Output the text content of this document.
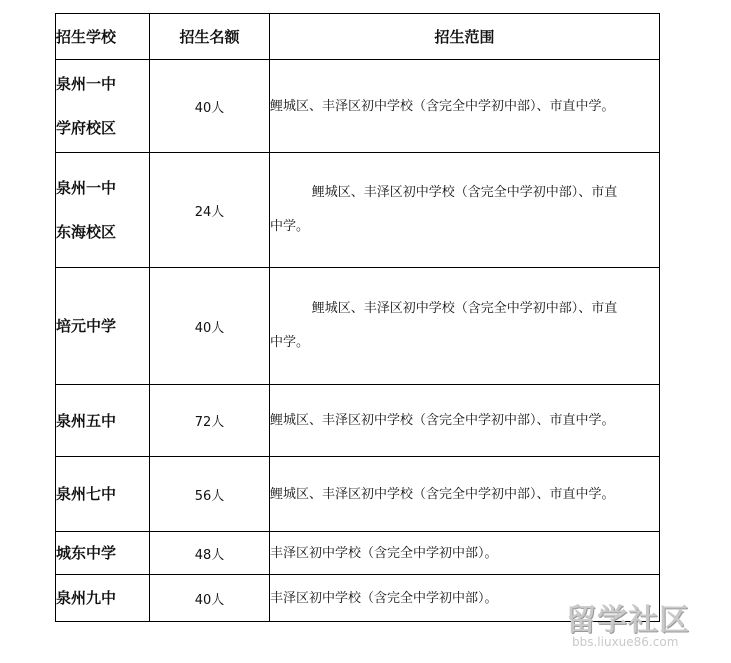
招生学校	招生名额	招生范围

泉州一中
学府校区	40人	鲤城区、丰泽区初中学校（含完全中学初中部）、市直中学。

泉州一中
东海校区	24人	鲤城区、丰泽区初中学校（含完全中学初中部）、市直
中学。

培元中学	40人	鲤城区、丰泽区初中学校（含完全中学初中部）、市直
中学。

泉州五中	72人	鲤城区、丰泽区初中学校（含完全中学初中部）、市直中学。
泉州七中	56人	鲤城区、丰泽区初中学校（含完全中学初中部）、市直中学。
城东中学	48人	丰泽区初中学校（含完全中学初中部）。
泉州九中	40人	丰泽区初中学校（含完全中学初中部）。
留学社区
bbs.liuxue86.com
